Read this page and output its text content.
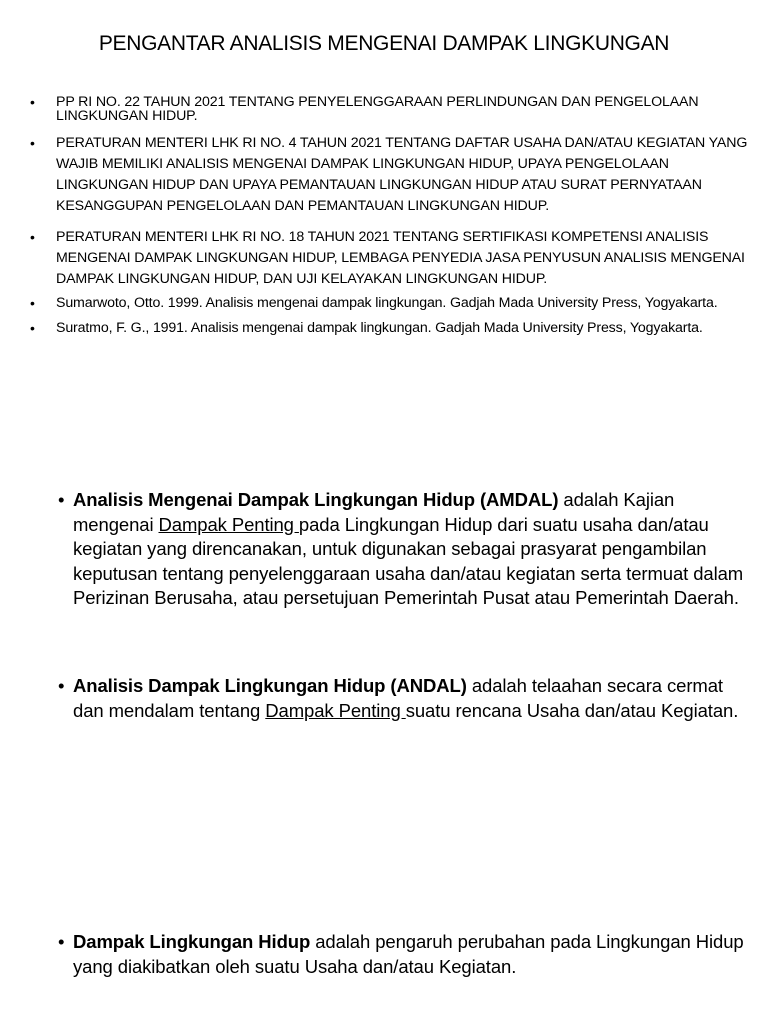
PENGANTAR ANALISIS MENGENAI DAMPAK LINGKUNGAN
• PP RI NO. 22 TAHUN 2021 TENTANG PENYELENGGARAAN PERLINDUNGAN DAN PENGELOLAAN LINGKUNGAN HIDUP.
• PERATURAN MENTERI LHK RI NO. 4 TAHUN 2021 TENTANG DAFTAR USAHA DAN/ATAU KEGIATAN YANG WAJIB MEMILIKI ANALISIS MENGENAI DAMPAK LINGKUNGAN HIDUP, UPAYA PENGELOLAAN LINGKUNGAN HIDUP DAN UPAYA PEMANTAUAN LINGKUNGAN HIDUP ATAU SURAT PERNYATAAN KESANGGUPAN PENGELOLAAN DAN PEMANTAUAN LINGKUNGAN HIDUP.
• PERATURAN MENTERI LHK RI NO. 18 TAHUN 2021 TENTANG SERTIFIKASI KOMPETENSI ANALISIS MENGENAI DAMPAK LINGKUNGAN HIDUP, LEMBAGA PENYEDIA JASA PENYUSUN ANALISIS MENGENAI DAMPAK LINGKUNGAN HIDUP, DAN UJI KELAYAKAN LINGKUNGAN HIDUP.
• Sumarwoto, Otto. 1999. Analisis mengenai dampak lingkungan. Gadjah Mada University Press, Yogyakarta.
• Suratmo, F. G., 1991. Analisis mengenai dampak lingkungan. Gadjah Mada University Press, Yogyakarta.
• Analisis Mengenai Dampak Lingkungan Hidup (AMDAL) adalah Kajian mengenai Dampak Penting pada Lingkungan Hidup dari suatu usaha dan/atau kegiatan yang direncanakan, untuk digunakan sebagai prasyarat pengambilan keputusan tentang penyelenggaraan usaha dan/atau kegiatan serta termuat dalam Perizinan Berusaha, atau persetujuan Pemerintah Pusat atau Pemerintah Daerah.
• Analisis Dampak Lingkungan Hidup (ANDAL) adalah telaahan secara cermat dan mendalam tentang Dampak Penting suatu rencana Usaha dan/atau Kegiatan.
• Dampak Lingkungan Hidup adalah pengaruh perubahan pada Lingkungan Hidup yang diakibatkan oleh suatu Usaha dan/atau Kegiatan.
